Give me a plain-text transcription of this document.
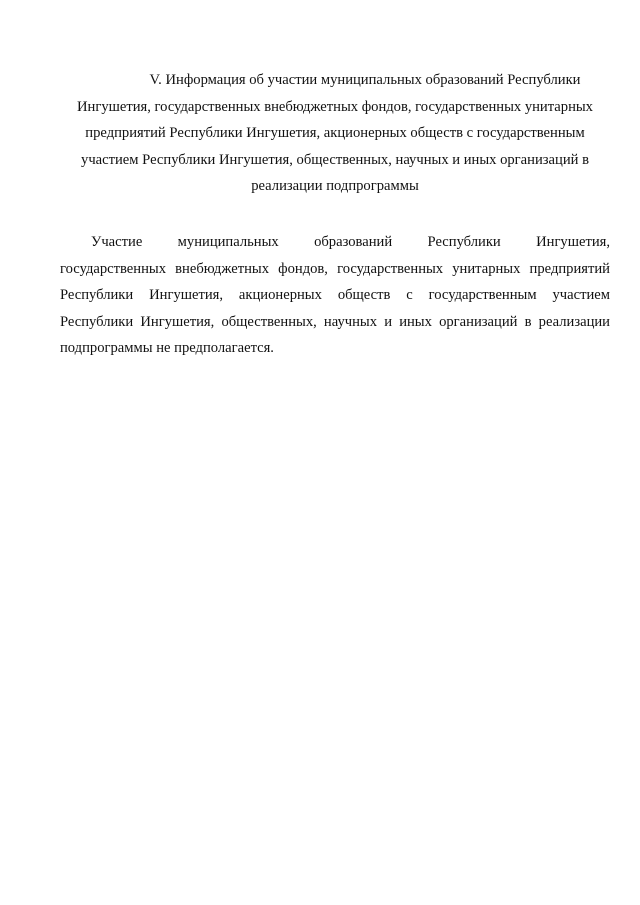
V. Информация об участии муниципальных образований Республики
Ингушетия, государственных внебюджетных фондов, государственных унитарных
предприятий Республики Ингушетия, акционерных обществ с государственным
участием Республики Ингушетия, общественных, научных и иных организаций в
реализации подпрограммы

Участие муниципальных образований Республики Ингушетия,
государственных внебюджетных фондов, государственных унитарных предприятий
Республики Ингушетия, акционерных обществ с государственным участием
Республики Ингушетия, общественных, научных и иных организаций в реализации
подпрограммы не предполагается.
